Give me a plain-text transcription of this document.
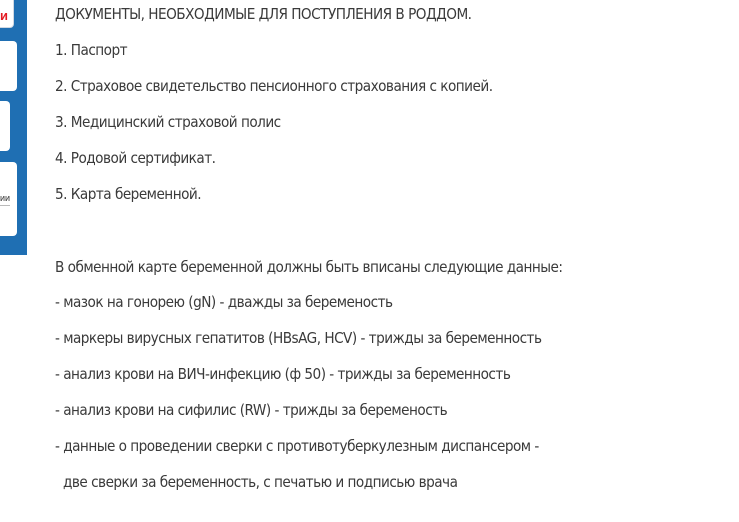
и
ии
ДОКУМЕНТЫ, НЕОБХОДИМЫЕ ДЛЯ ПОСТУПЛЕНИЯ В РОДДОМ.
1. Паспорт
2. Страховое свидетельство пенсионного страхования с копией.
3. Медицинский страховой полис
4. Родовой сертификат.
5. Карта беременной.
В обменной карте беременной должны быть вписаны следующие данные:
- мазок на гонорею (gN) - дважды за беременость
- маркеры вирусных гепатитов (HBsAG, HCV) - трижды за беременность
- анализ крови на ВИЧ-инфекцию (ф 50) - трижды за беременность
- анализ крови на сифилис (RW) - трижды за беременость
- данные о проведении сверки с противотуберкулезным диспансером -
две сверки за беременность, с печатью и подписью врача
